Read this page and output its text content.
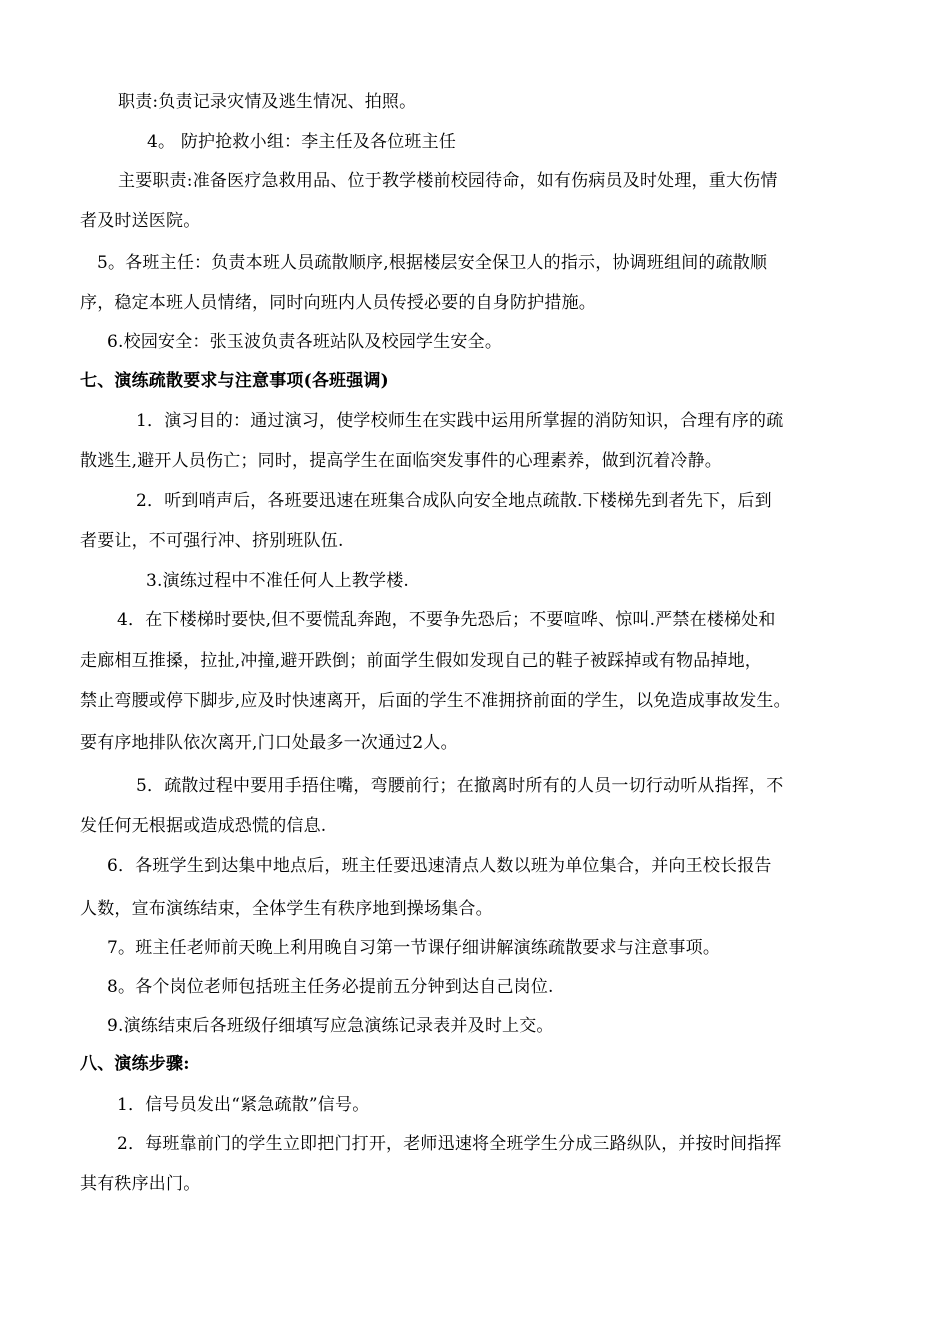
职责:负责记录灾情及逃生情况、拍照。
4。 防护抢救小组：李主任及各位班主任
主要职责:准备医疗急救用品、位于教学楼前校园待命，如有伤病员及时处理，重大伤情
者及时送医院。
5。各班主任：负责本班人员疏散顺序,根据楼层安全保卫人的指示，协调班组间的疏散顺
序，稳定本班人员情绪，同时向班内人员传授必要的自身防护措施。
6.校园安全：张玉波负责各班站队及校园学生安全。
七、演练疏散要求与注意事项(各班强调)
1．演习目的：通过演习，使学校师生在实践中运用所掌握的消防知识，合理有序的疏
散逃生,避开人员伤亡；同时，提高学生在面临突发事件的心理素养，做到沉着冷静。
2．听到哨声后，各班要迅速在班集合成队向安全地点疏散.下楼梯先到者先下，后到
者要让，不可强行冲、挤别班队伍.
3.演练过程中不准任何人上教学楼.
4．在下楼梯时要快,但不要慌乱奔跑，不要争先恐后；不要喧哗、惊叫.严禁在楼梯处和
走廊相互推搡，拉扯,冲撞,避开跌倒；前面学生假如发现自己的鞋子被踩掉或有物品掉地，
禁止弯腰或停下脚步,应及时快速离开，后面的学生不准拥挤前面的学生，以免造成事故发生。
要有序地排队依次离开,门口处最多一次通过2人。
5．疏散过程中要用手捂住嘴，弯腰前行；在撤离时所有的人员一切行动听从指挥，不
发任何无根据或造成恐慌的信息.
6．各班学生到达集中地点后，班主任要迅速清点人数以班为单位集合，并向王校长报告
人数，宣布演练结束，全体学生有秩序地到操场集合。
7。班主任老师前天晚上利用晚自习第一节课仔细讲解演练疏散要求与注意事项。
8。各个岗位老师包括班主任务必提前五分钟到达自己岗位.
9.演练结束后各班级仔细填写应急演练记录表并及时上交。
八、演练步骤:
1．信号员发出“紧急疏散”信号。
2．每班靠前门的学生立即把门打开，老师迅速将全班学生分成三路纵队，并按时间指挥
其有秩序出门。
